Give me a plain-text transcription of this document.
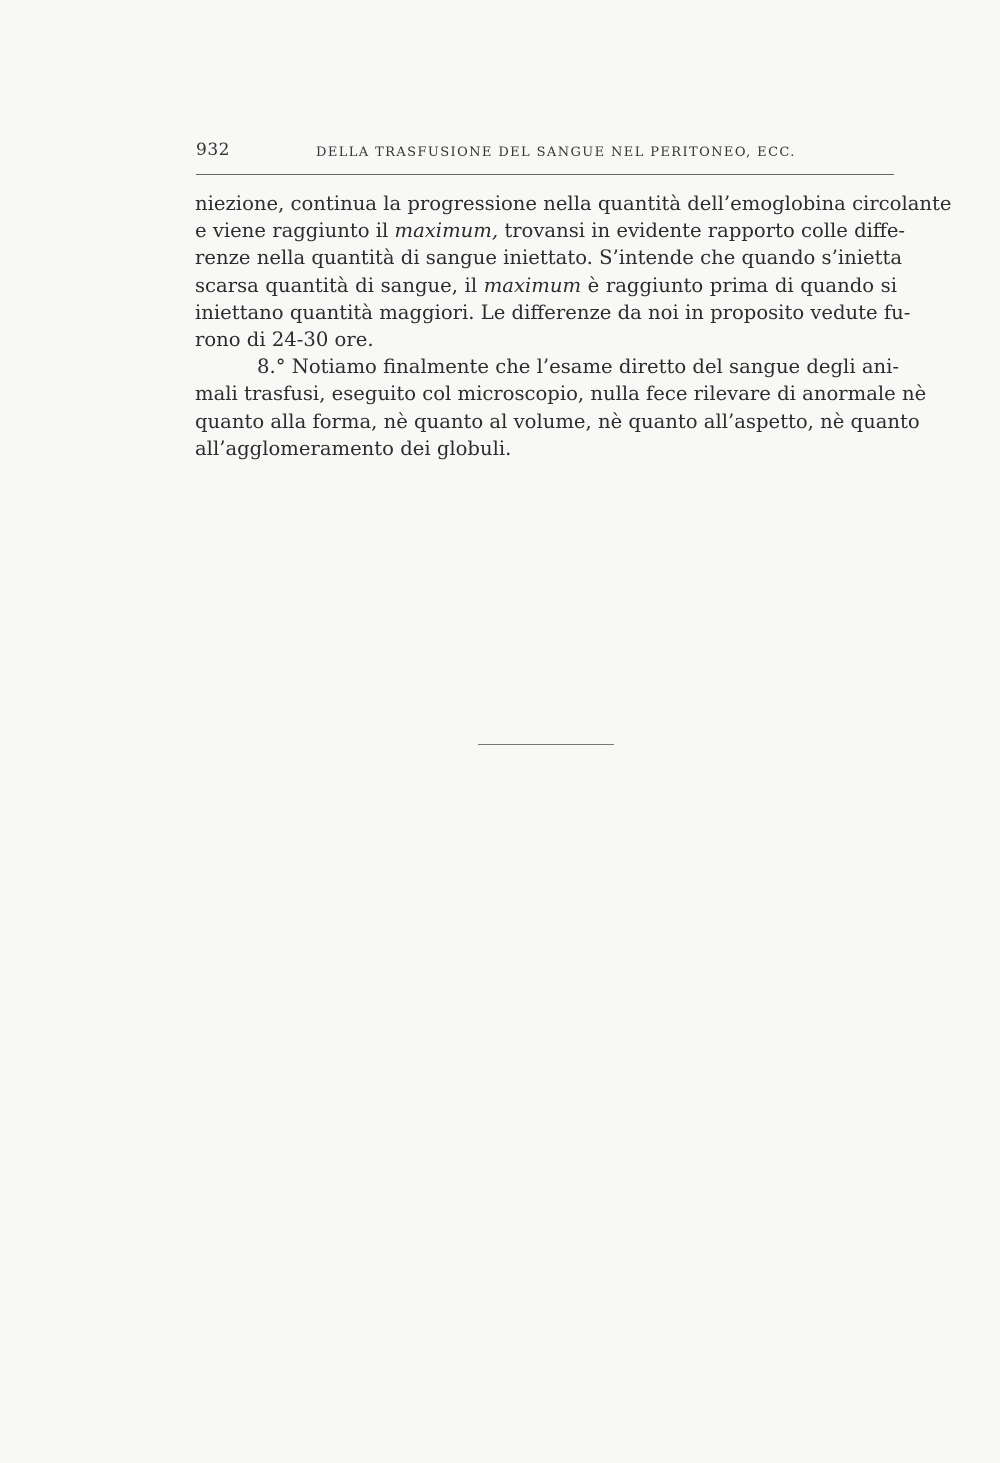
932	DELLA TRASFUSIONE DEL SANGUE NEL PERITONEO, ECC.
niezione, continua la progressione nella quantità dell’emoglobina circolante
e viene raggiunto il maximum, trovansi in evidente rapporto colle diffe-
renze nella quantità di sangue iniettato. S’intende che quando s’inietta
scarsa quantità di sangue, il maximum è raggiunto prima di quando si
iniettano quantità maggiori. Le differenze da noi in proposito vedute fu-
rono di 24-30 ore.
8.° Notiamo finalmente che l’esame diretto del sangue degli ani-
mali trasfusi, eseguito col microscopio, nulla fece rilevare di anormale nè
quanto alla forma, nè quanto al volume, nè quanto all’aspetto, nè quanto
all’agglomeramento dei globuli.
